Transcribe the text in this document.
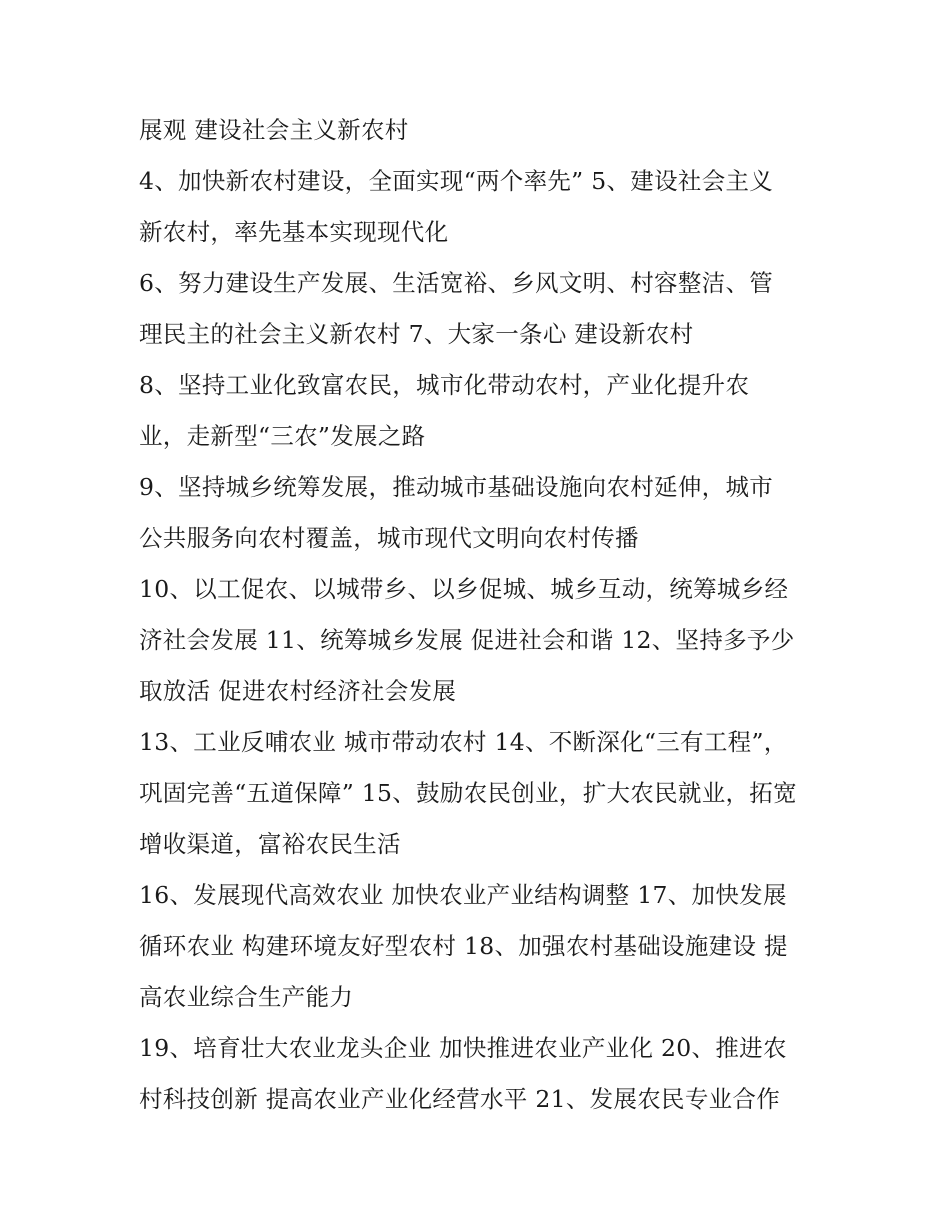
展观 建设社会主义新农村
4、加快新农村建设，全面实现“两个率先” 5、建设社会主义
新农村，率先基本实现现代化
6、努力建设生产发展、生活宽裕、乡风文明、村容整洁、管
理民主的社会主义新农村 7、大家一条心 建设新农村
8、坚持工业化致富农民，城市化带动农村，产业化提升农
业，走新型“三农”发展之路
9、坚持城乡统筹发展，推动城市基础设施向农村延伸，城市
公共服务向农村覆盖，城市现代文明向农村传播
10、以工促农、以城带乡、以乡促城、城乡互动，统筹城乡经
济社会发展 11、统筹城乡发展 促进社会和谐 12、坚持多予少
取放活 促进农村经济社会发展
13、工业反哺农业 城市带动农村 14、不断深化“三有工程”，
巩固完善“五道保障” 15、鼓励农民创业，扩大农民就业，拓宽
增收渠道，富裕农民生活
16、发展现代高效农业 加快农业产业结构调整 17、加快发展
循环农业 构建环境友好型农村 18、加强农村基础设施建设 提
高农业综合生产能力
19、培育壮大农业龙头企业 加快推进农业产业化 20、推进农
村科技创新 提高农业产业化经营水平 21、发展农民专业合作
